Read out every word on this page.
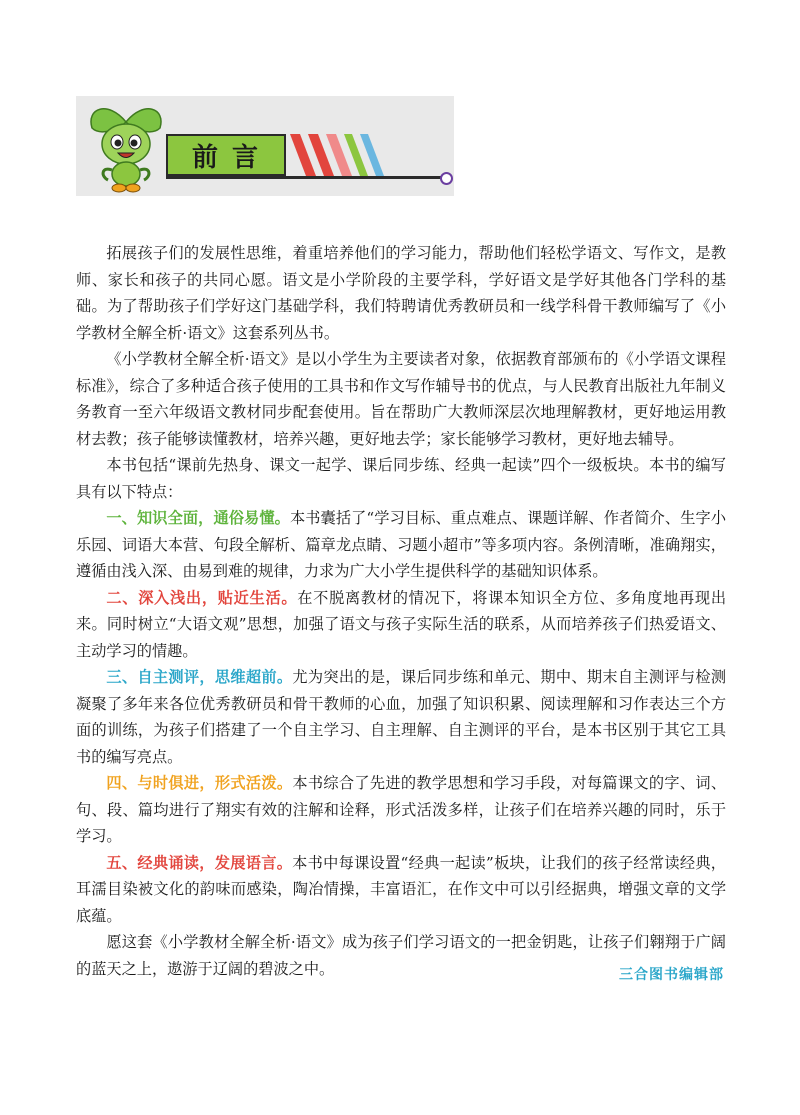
前言

拓展孩子们的发展性思维，着重培养他们的学习能力，帮助他们轻松学语文、写作文，是教师、家长和孩子的共同心愿。语文是小学阶段的主要学科，学好语文是学好其他各门学科的基础。为了帮助孩子们学好这门基础学科，我们特聘请优秀教研员和一线学科骨干教师编写了《小学教材全解全析·语文》这套系列丛书。

《小学教材全解全析·语文》是以小学生为主要读者对象，依据教育部颁布的《小学语文课程标准》，综合了多种适合孩子使用的工具书和作文写作辅导书的优点，与人民教育出版社九年制义务教育一至六年级语文教材同步配套使用。旨在帮助广大教师深层次地理解教材，更好地运用教材去教；孩子能够读懂教材，培养兴趣，更好地去学；家长能够学习教材，更好地去辅导。

本书包括“课前先热身、课文一起学、课后同步练、经典一起读”四个一级板块。本书的编写具有以下特点：

一、知识全面，通俗易懂。本书囊括了“学习目标、重点难点、课题详解、作者简介、生字小乐园、词语大本营、句段全解析、篇章龙点睛、习题小超市”等多项内容。条例清晰，准确翔实，遵循由浅入深、由易到难的规律，力求为广大小学生提供科学的基础知识体系。

二、深入浅出，贴近生活。在不脱离教材的情况下，将课本知识全方位、多角度地再现出来。同时树立“大语文观”思想，加强了语文与孩子实际生活的联系，从而培养孩子们热爱语文、主动学习的情趣。

三、自主测评，思维超前。尤为突出的是，课后同步练和单元、期中、期末自主测评与检测凝聚了多年来各位优秀教研员和骨干教师的心血，加强了知识积累、阅读理解和习作表达三个方面的训练，为孩子们搭建了一个自主学习、自主理解、自主测评的平台，是本书区别于其它工具书的编写亮点。

四、与时俱进，形式活泼。本书综合了先进的教学思想和学习手段，对每篇课文的字、词、句、段、篇均进行了翔实有效的注解和诠释，形式活泼多样，让孩子们在培养兴趣的同时，乐于学习。

五、经典诵读，发展语言。本书中每课设置“经典一起读”板块，让我们的孩子经常读经典，耳濡目染被文化的韵味而感染，陶冶情操，丰富语汇，在作文中可以引经据典，增强文章的文学底蕴。

愿这套《小学教材全解全析·语文》成为孩子们学习语文的一把金钥匙，让孩子们翱翔于广阔的蓝天之上，遨游于辽阔的碧波之中。	三合图书编辑部
